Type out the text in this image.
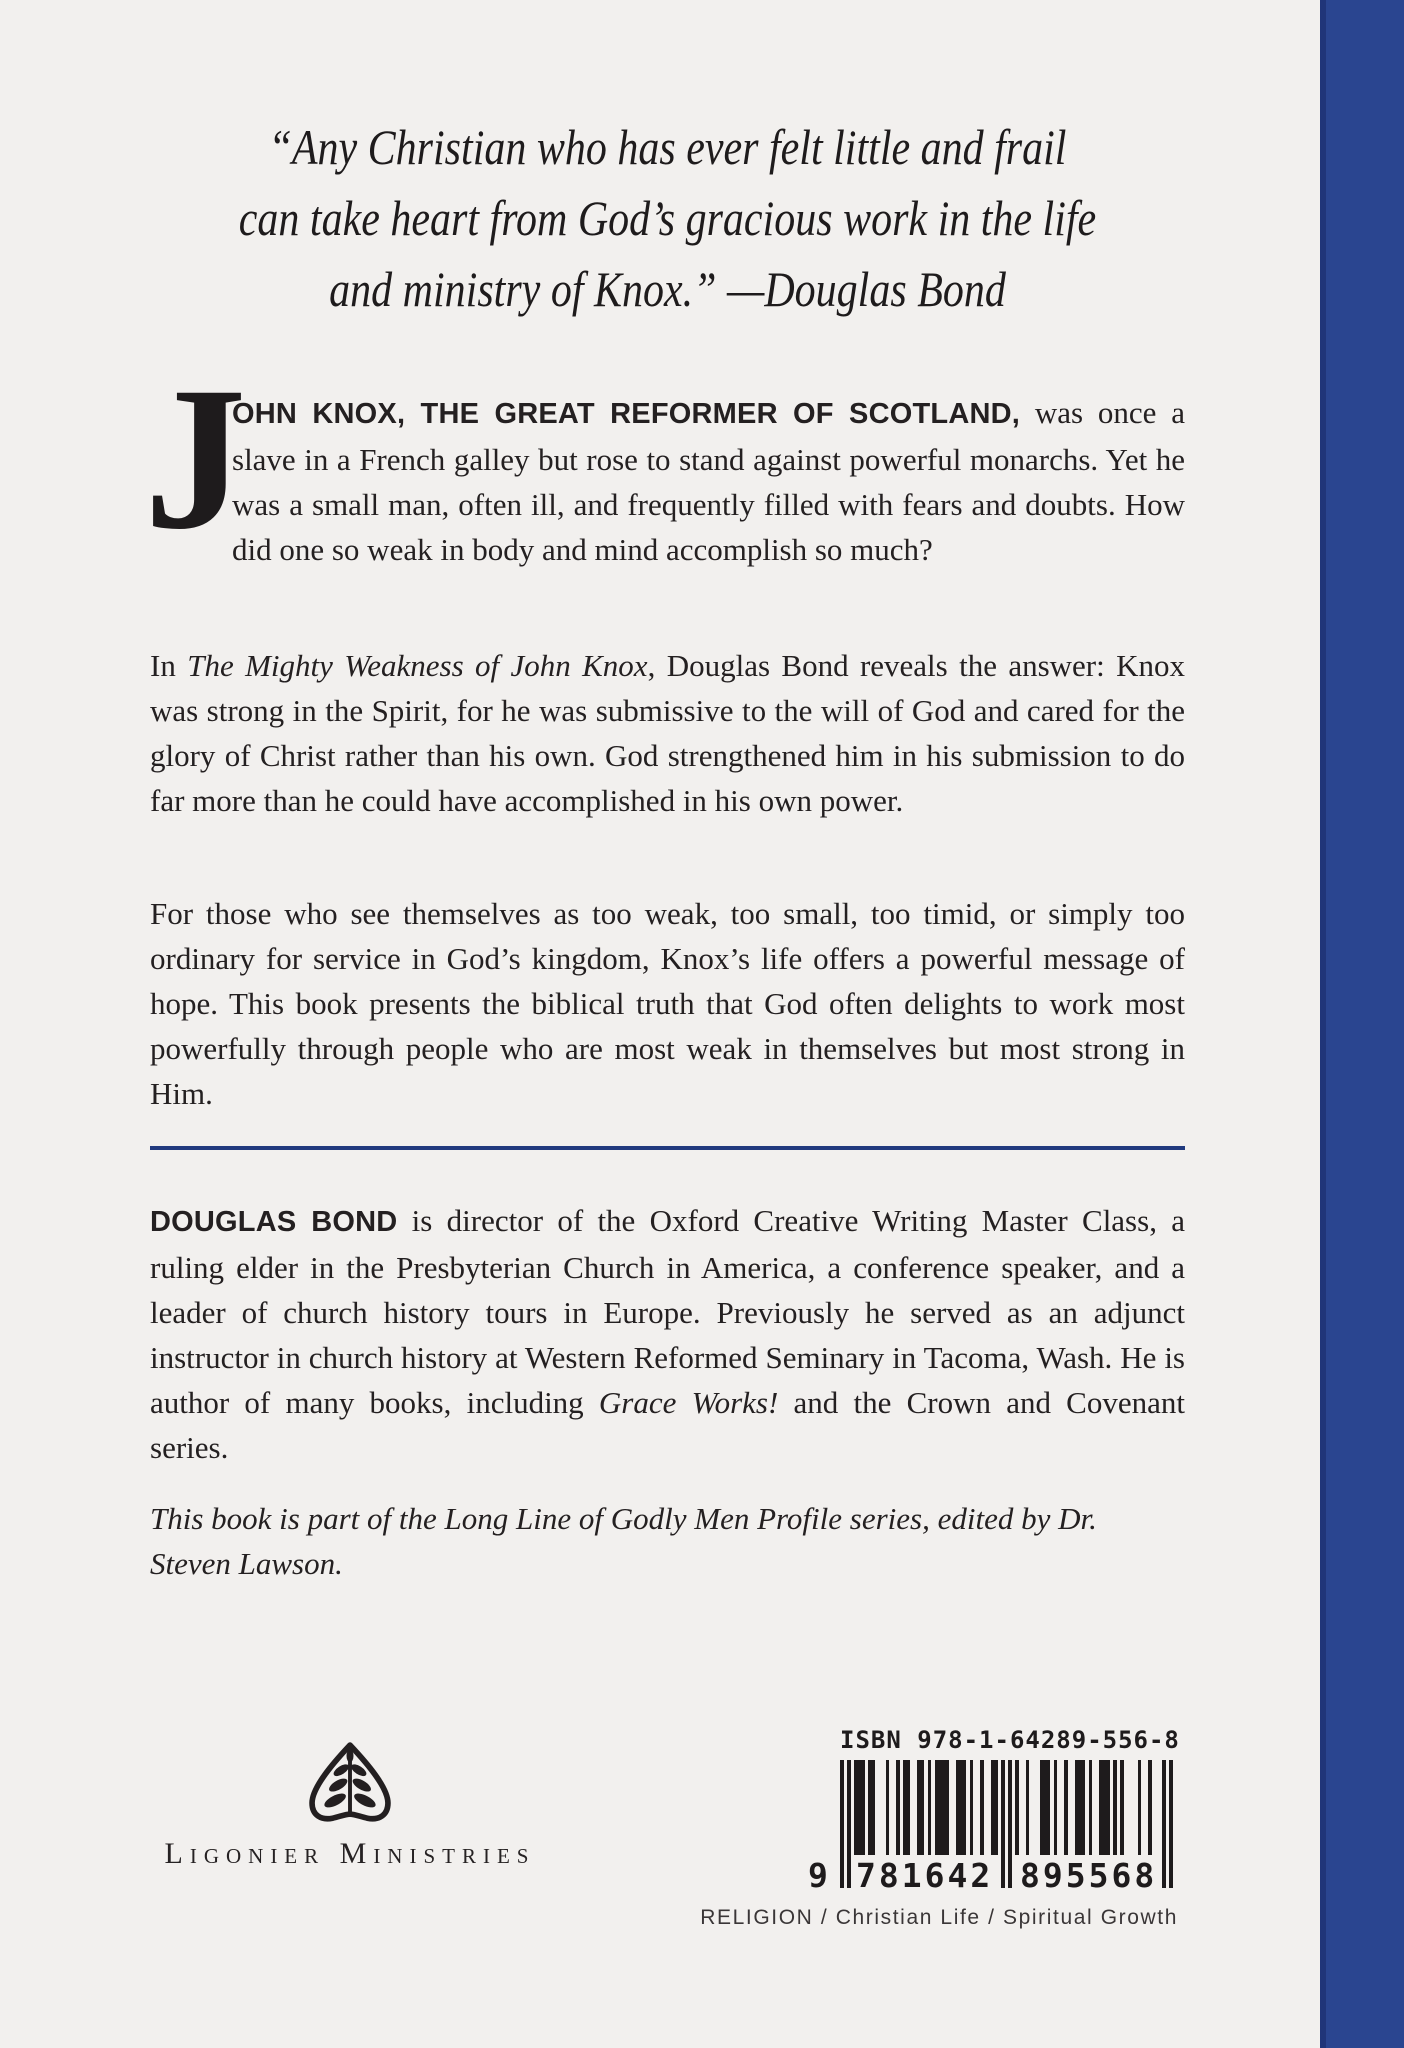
“Any Christian who has ever felt little and frail
can take heart from God’s gracious work in the life
and ministry of Knox.” —Douglas Bond
J

OHN KNOX, THE GREAT REFORMER OF SCOTLAND, was once a slave in a French galley but rose to stand against powerful monarchs. Yet he was a small man, often ill, and frequently filled with fears and doubts. How did one so weak in body and mind accomplish so much?

In The Mighty Weakness of John Knox, Douglas Bond reveals the answer: Knox was strong in the Spirit, for he was submissive to the will of God and cared for the glory of Christ rather than his own. God strengthened him in his submission to do far more than he could have accomplished in his own power.

For those who see themselves as too weak, too small, too timid, or simply too ordinary for service in God’s kingdom, Knox’s life offers a powerful message of hope. This book presents the biblical truth that God often delights to work most powerfully through people who are most weak in themselves but most strong in Him.

DOUGLAS BOND is director of the Oxford Creative Writing Master Class, a ruling elder in the Presbyterian Church in America, a conference speaker, and a leader of church history tours in Europe. Previously he served as an adjunct instructor in church history at Western Reformed Seminary in Tacoma, Wash. He is author of many books, including Grace Works! and the Crown and Covenant series.

This book is part of the Long Line of Godly Men Profile series, edited by Dr. Steven Lawson.

Ligonier Ministries
ISBN 978-1-64289-556-8
9 781642 895568
RELIGION / Christian Life / Spiritual Growth
